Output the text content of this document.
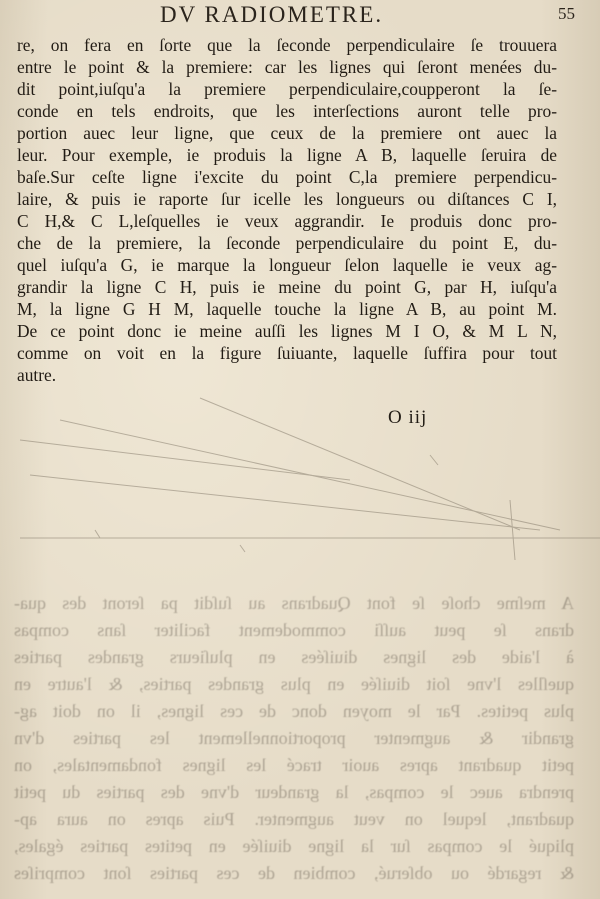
DV RADIOMETRE.	55
re, on fera en ſorte que la ſeconde perpendiculaire ſe trouuera
entre le point & la premiere: car les lignes qui ſeront menées du-
dit point,iuſqu'a la premiere perpendiculaire,coupperont la ſe-
conde en tels endroits, que les interſections auront telle pro-
portion auec leur ligne, que ceux de la premiere ont auec la
leur. Pour exemple, ie produis la ligne A B, laquelle ſeruira de
baſe.Sur ceſte ligne i'excite du point C,la premiere perpendicu-
laire, & puis ie raporte ſur icelle les longueurs ou diſtances C I,
C H,& C L,leſquelles ie veux aggrandir. Ie produis donc pro-
che de la premiere, la ſeconde perpendiculaire du point E, du-
quel iuſqu'a G, ie marque la longueur ſelon laquelle ie veux ag-
grandir la ligne C H, puis ie meine du point G, par H, iuſqu'a
M, la ligne G H M, laquelle touche la ligne A B, au point M.
De ce point donc ie meine auſſi les lignes M I O, & M L N,
comme on voit en la figure ſuiuante, laquelle ſuffira pour tout
autre.
O iij
A meſme choſe ſe font Quadrans au ſuſdit pa ſeront des qua-
drans ſe peut auſſi commodement faciliter ſans compas
à l'aide des lignes diuiſées en pluſieurs grandes parties
queſlles l'vne ſoit diuiſée en plus grandes parties, & l'autre en
plus petites. Par le moyen donc de ces lignes, il on doit ag-
grandir & augmenter proportionnellement les parties d'vn
petit quadrant apres auoir tracé les lignes fondamentales, on
prendra auec le compas, la grandeur d'vne des parties du petit
quadrant, lequel on veut augmenter. Puis apres on aura ap-
pliqué le compas ſur la ligne diuiſée en petites parties égales,
& regardé ou obſerué, combien de ces parties ſont compriſes
